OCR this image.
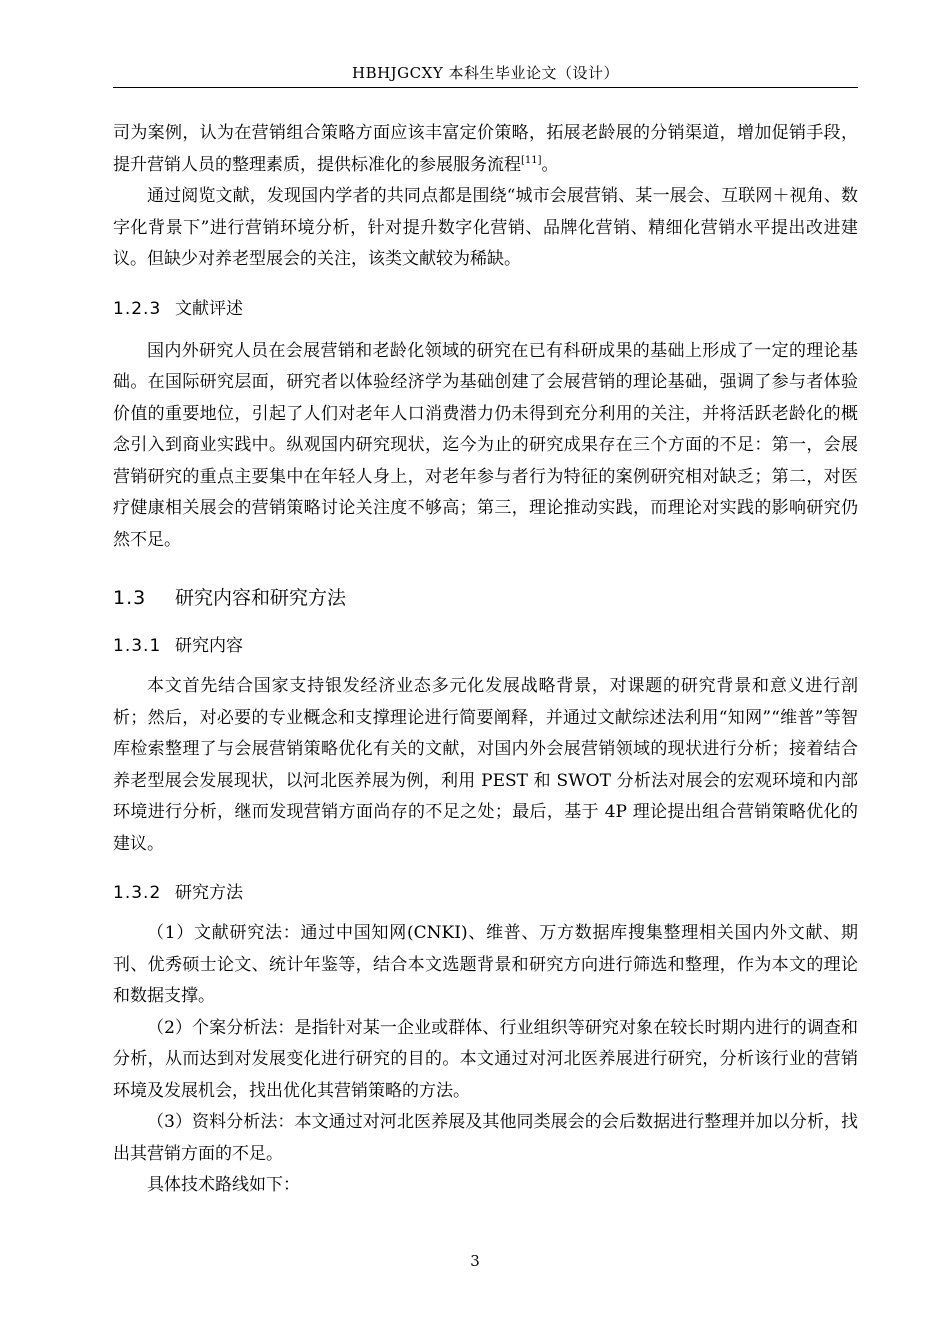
HBHJGCXY 本科生毕业论文（设计）

司为案例，认为在营销组合策略方面应该丰富定价策略，拓展老龄展的分销渠道，增加促销手段，提升营销人员的整理素质，提供标准化的参展服务流程[11]。

通过阅览文献，发现国内学者的共同点都是围绕“城市会展营销、某一展会、互联网＋视角、数字化背景下”进行营销环境分析，针对提升数字化营销、品牌化营销、精细化营销水平提出改进建议。但缺少对养老型展会的关注，该类文献较为稀缺。

1.2.3 文献评述

国内外研究人员在会展营销和老龄化领域的研究在已有科研成果的基础上形成了一定的理论基础。在国际研究层面，研究者以体验经济学为基础创建了会展营销的理论基础，强调了参与者体验价值的重要地位，引起了人们对老年人口消费潜力仍未得到充分利用的关注，并将活跃老龄化的概念引入到商业实践中。纵观国内研究现状，迄今为止的研究成果存在三个方面的不足：第一，会展营销研究的重点主要集中在年轻人身上，对老年参与者行为特征的案例研究相对缺乏；第二，对医疗健康相关展会的营销策略讨论关注度不够高；第三，理论推动实践，而理论对实践的影响研究仍然不足。

1.3 研究内容和研究方法
1.3.1 研究内容

本文首先结合国家支持银发经济业态多元化发展战略背景，对课题的研究背景和意义进行剖析；然后，对必要的专业概念和支撑理论进行简要阐释，并通过文献综述法利用“知网”“维普”等智库检索整理了与会展营销策略优化有关的文献，对国内外会展营销领域的现状进行分析；接着结合养老型展会发展现状，以河北医养展为例，利用 PEST 和 SWOT 分析法对展会的宏观环境和内部环境进行分析，继而发现营销方面尚存的不足之处；最后，基于 4P 理论提出组合营销策略优化的建议。

1.3.2 研究方法

（1）文献研究法：通过中国知网(CNKI)、维普、万方数据库搜集整理相关国内外文献、期刊、优秀硕士论文、统计年鉴等，结合本文选题背景和研究方向进行筛选和整理，作为本文的理论和数据支撑。

（2）个案分析法：是指针对某一企业或群体、行业组织等研究对象在较长时期内进行的调查和分析，从而达到对发展变化进行研究的目的。本文通过对河北医养展进行研究，分析该行业的营销环境及发展机会，找出优化其营销策略的方法。

（3）资料分析法：本文通过对河北医养展及其他同类展会的会后数据进行整理并加以分析，找出其营销方面的不足。

具体技术路线如下：

3
